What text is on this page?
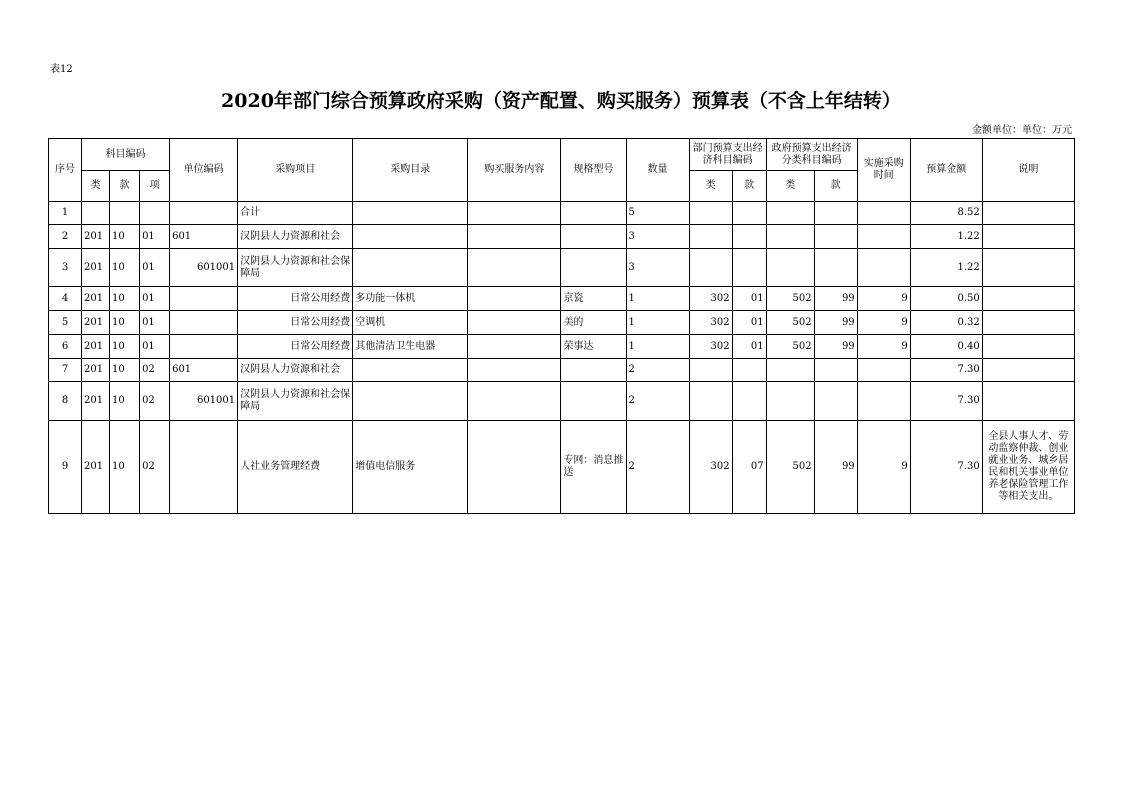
表12
2020年部门综合预算政府采购（资产配置、购买服务）预算表（不含上年结转）
金额单位：单位：万元
序号	科目编码			单位编码	采购项目	采购目录	购买服务内容	规格型号	数量	部门预算支出经济科目编码		政府预算支出经济分类科目编码		实施采购时间	预算金额	说明
	类	款	项							类	款	类	款			
1					合计				5						8.52	
2	201	10	01	601	汉阴县人力资源和社会				3						1.22	
3	201	10	01	601001	汉阴县人力资源和社会保障局				3						1.22	
4	201	10	01		日常公用经费	多功能一体机		京瓷	1	302	01	502	99	9	0.50	
5	201	10	01		日常公用经费	空调机		美的	1	302	01	502	99	9	0.32	
6	201	10	01		日常公用经费	其他清洁卫生电器		荣事达	1	302	01	502	99	9	0.40	
7	201	10	02	601	汉阴县人力资源和社会				2						7.30	
8	201	10	02	601001	汉阴县人力资源和社会保障局				2						7.30	
9	201	10	02		人社业务管理经费	增值电信服务		专网：消息推送	2	302	07	502	99	9	7.30	全县人事人才、劳动监察仲裁、创业就业业务、城乡居民和机关事业单位养老保险管理工作等相关支出。
